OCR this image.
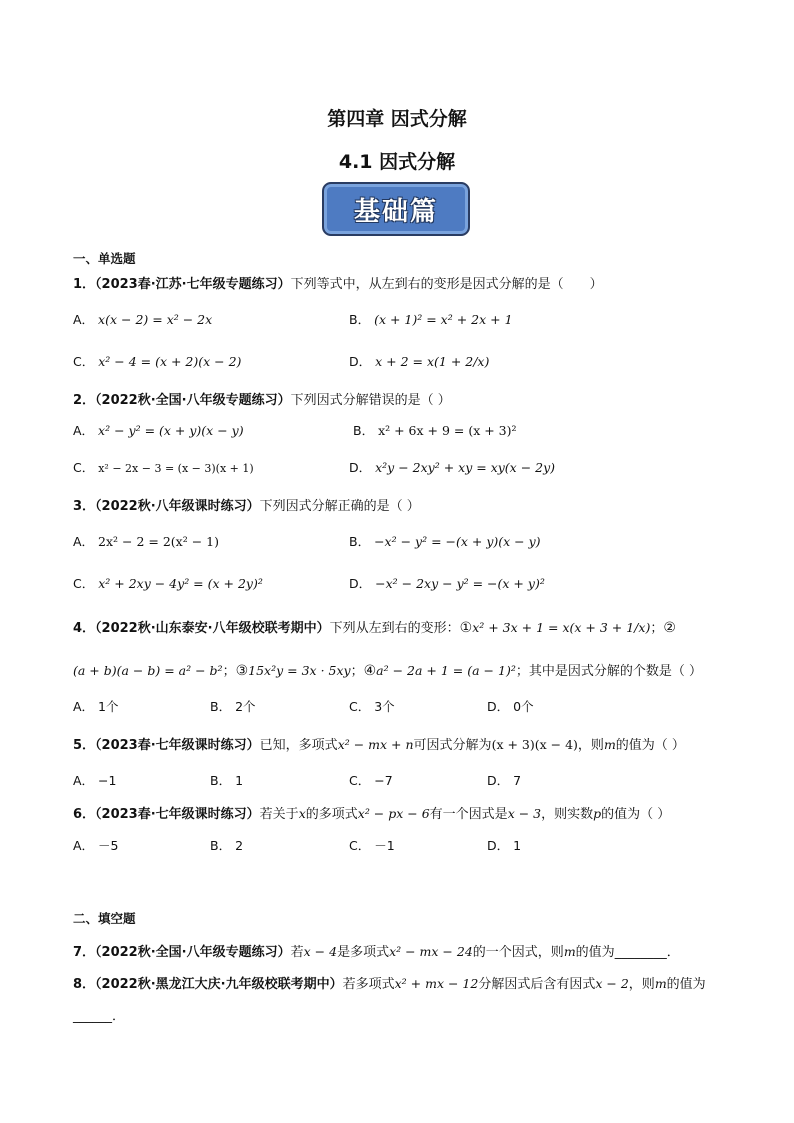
第四章 因式分解
4.1 因式分解
基础篇
一、单选题
1．（2023春·江苏·七年级专题练习）下列等式中，从左到右的变形是因式分解的是（　　）
A． x(x − 2) = x² − 2x	B． (x + 1)² = x² + 2x + 1
C． x² − 4 = (x + 2)(x − 2)	D． x + 2 = x(1 + 2/x)
2．（2022秋·全国·八年级专题练习）下列因式分解错误的是（ ）
A． x² − y² = (x + y)(x − y)	B． x² + 6x + 9 = (x + 3)²
C． x² − 2x − 3 = (x − 3)(x + 1)	D． x²y − 2xy² + xy = xy(x − 2y)
3．（2022秋·八年级课时练习）下列因式分解正确的是（ ）
A． 2x² − 2 = 2(x² − 1)	B． −x² − y² = −(x + y)(x − y)
C． x² + 2xy − 4y² = (x + 2y)²	D． −x² − 2xy − y² = −(x + y)²
4．（2022秋·山东泰安·八年级校联考期中）下列从左到右的变形：①x² + 3x + 1 = x(x + 3 + 1/x)；②
(a + b)(a − b) = a² − b²；③15x²y = 3x · 5xy；④a² − 2a + 1 = (a − 1)²；其中是因式分解的个数是（ ）
A． 1个	B． 2个	C． 3个	D． 0个
5．（2023春·七年级课时练习）已知，多项式x² − mx + n可因式分解为(x + 3)(x − 4)，则m的值为（ ）
A． −1	B． 1	C． −7	D． 7
6．（2023春·七年级课时练习）若关于x的多项式x² − px − 6有一个因式是x − 3，则实数p的值为（ ）
A． －5	B． 2	C． －1	D． 1
二、填空题
7．（2022秋·全国·八年级专题练习）若x − 4是多项式x² − mx − 24的一个因式，则m的值为________．
8．（2022秋·黑龙江大庆·九年级校联考期中）若多项式x² + mx − 12分解因式后含有因式x − 2，则m的值为
______．
